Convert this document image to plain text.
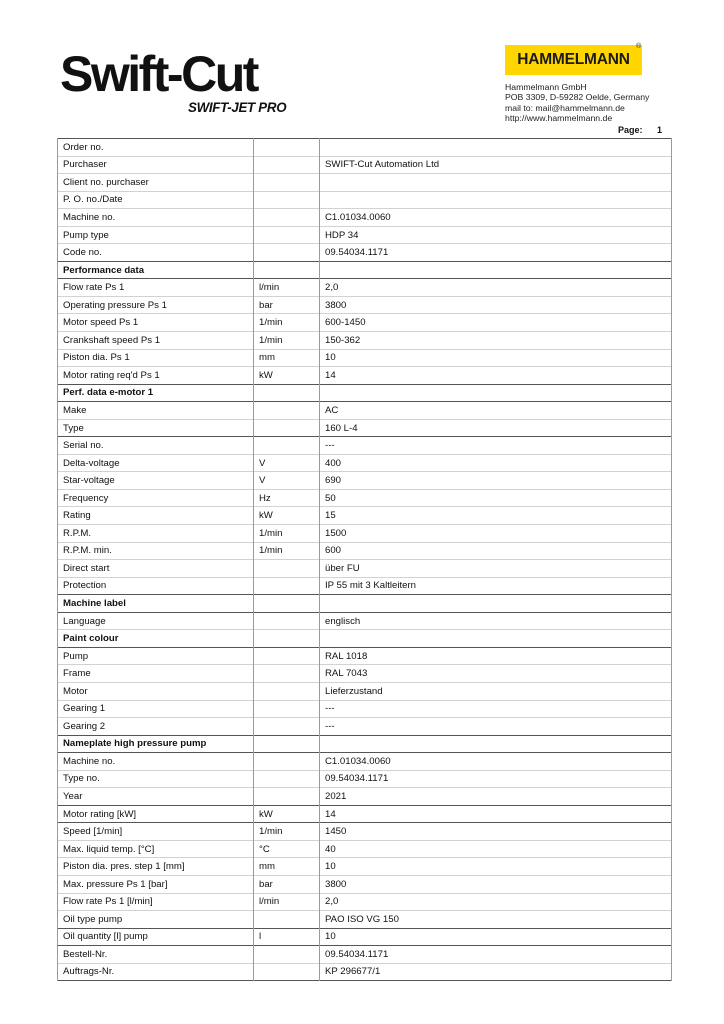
Swift-Cut
SWIFT-JET PRO
HAMMELMANN
®
Hammelmann GmbH
POB 3309, D-59282 Oelde, Germany
mail to: mail@hammelmann.de
http://www.hammelmann.de
Page: 1
Order no.		
Purchaser		SWIFT-Cut Automation Ltd
Client no. purchaser		
P. O. no./Date		
Machine no.		C1.01034.0060
Pump type		HDP 34
Code no.		09.54034.1171
Performance data		
Flow rate Ps 1	l/min	2,0
Operating pressure Ps 1	bar	3800
Motor speed Ps 1	1/min	600-1450
Crankshaft speed Ps 1	1/min	150-362
Piston dia. Ps 1	mm	10
Motor rating req'd Ps 1	kW	14
Perf. data e-motor 1		
Make		AC
Type		160 L-4
Serial no.		---
Delta-voltage	V	400
Star-voltage	V	690
Frequency	Hz	50
Rating	kW	15
R.P.M.	1/min	1500
R.P.M. min.	1/min	600
Direct start		über FU
Protection		IP 55 mit 3 Kaltleitern
Machine label		
Language		englisch
Paint colour		
Pump		RAL 1018
Frame		RAL 7043
Motor		Lieferzustand
Gearing 1		---
Gearing 2		---
Nameplate high pressure pump		
Machine no.		C1.01034.0060
Type no.		09.54034.1171
Year		2021
Motor rating [kW]	kW	14
Speed [1/min]	1/min	1450
Max. liquid temp. [°C]	°C	40
Piston dia. pres. step 1 [mm]	mm	10
Max. pressure Ps 1 [bar]	bar	3800
Flow rate Ps 1 [l/min]	l/min	2,0
Oil type pump		PAO ISO VG 150
Oil quantity [l] pump	l	10
Bestell-Nr.		09.54034.1171
Auftrags-Nr.		KP 296677/1
